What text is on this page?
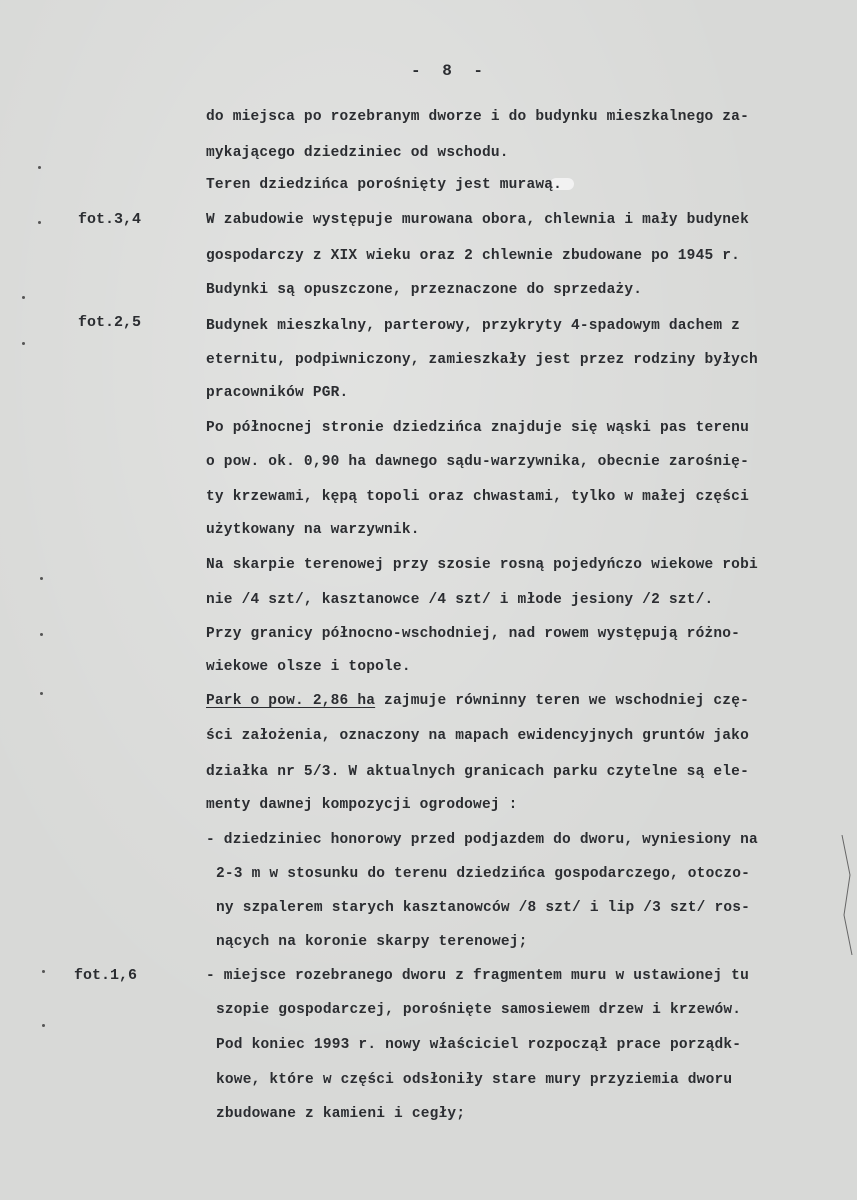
- 8 -
fot.3,4
fot.2,5
fot.1,6
do miejsca po rozebranym dworze i do budynku mieszkalnego za-
mykającego dziedziniec od wschodu.
Teren dziedzińca porośnięty jest murawą.
W zabudowie występuje murowana obora, chlewnia i mały budynek
gospodarczy z XIX wieku oraz 2 chlewnie zbudowane po 1945 r.
Budynki są opuszczone, przeznaczone do sprzedaży.
Budynek mieszkalny, parterowy, przykryty 4-spadowym dachem z
eternitu, podpiwniczony, zamieszkały jest przez rodziny byłych
pracowników PGR.
Po północnej stronie dziedzińca znajduje się wąski pas terenu
o pow. ok. 0,90 ha dawnego sądu-warzywnika, obecnie zarośnię-
ty krzewami, kępą topoli oraz chwastami, tylko w małej części
użytkowany na warzywnik.
Na skarpie terenowej przy szosie rosną pojedyńczo wiekowe robi
nie /4 szt/, kasztanowce /4 szt/ i młode jesiony /2 szt/.
Przy granicy północno-wschodniej, nad rowem występują różno-
wiekowe olsze i topole.
Park o pow. 2,86 ha zajmuje równinny teren we wschodniej czę-
ści założenia, oznaczony na mapach ewidencyjnych gruntów jako
działka nr 5/3. W aktualnych granicach parku czytelne są ele-
menty dawnej kompozycji ogrodowej :
- dziedziniec honorowy przed podjazdem do dworu, wyniesiony na
2-3 m w stosunku do terenu dziedzińca gospodarczego, otoczo-
ny szpalerem starych kasztanowców /8 szt/ i lip /3 szt/ ros-
nących na koronie skarpy terenowej;
- miejsce rozebranego dworu z fragmentem muru w ustawionej tu
szopie gospodarczej, porośnięte samosiewem drzew i krzewów.
Pod koniec 1993 r. nowy właściciel rozpoczął prace porządk-
kowe, które w części odsłoniły stare mury przyziemia dworu
zbudowane z kamieni i cegły;
